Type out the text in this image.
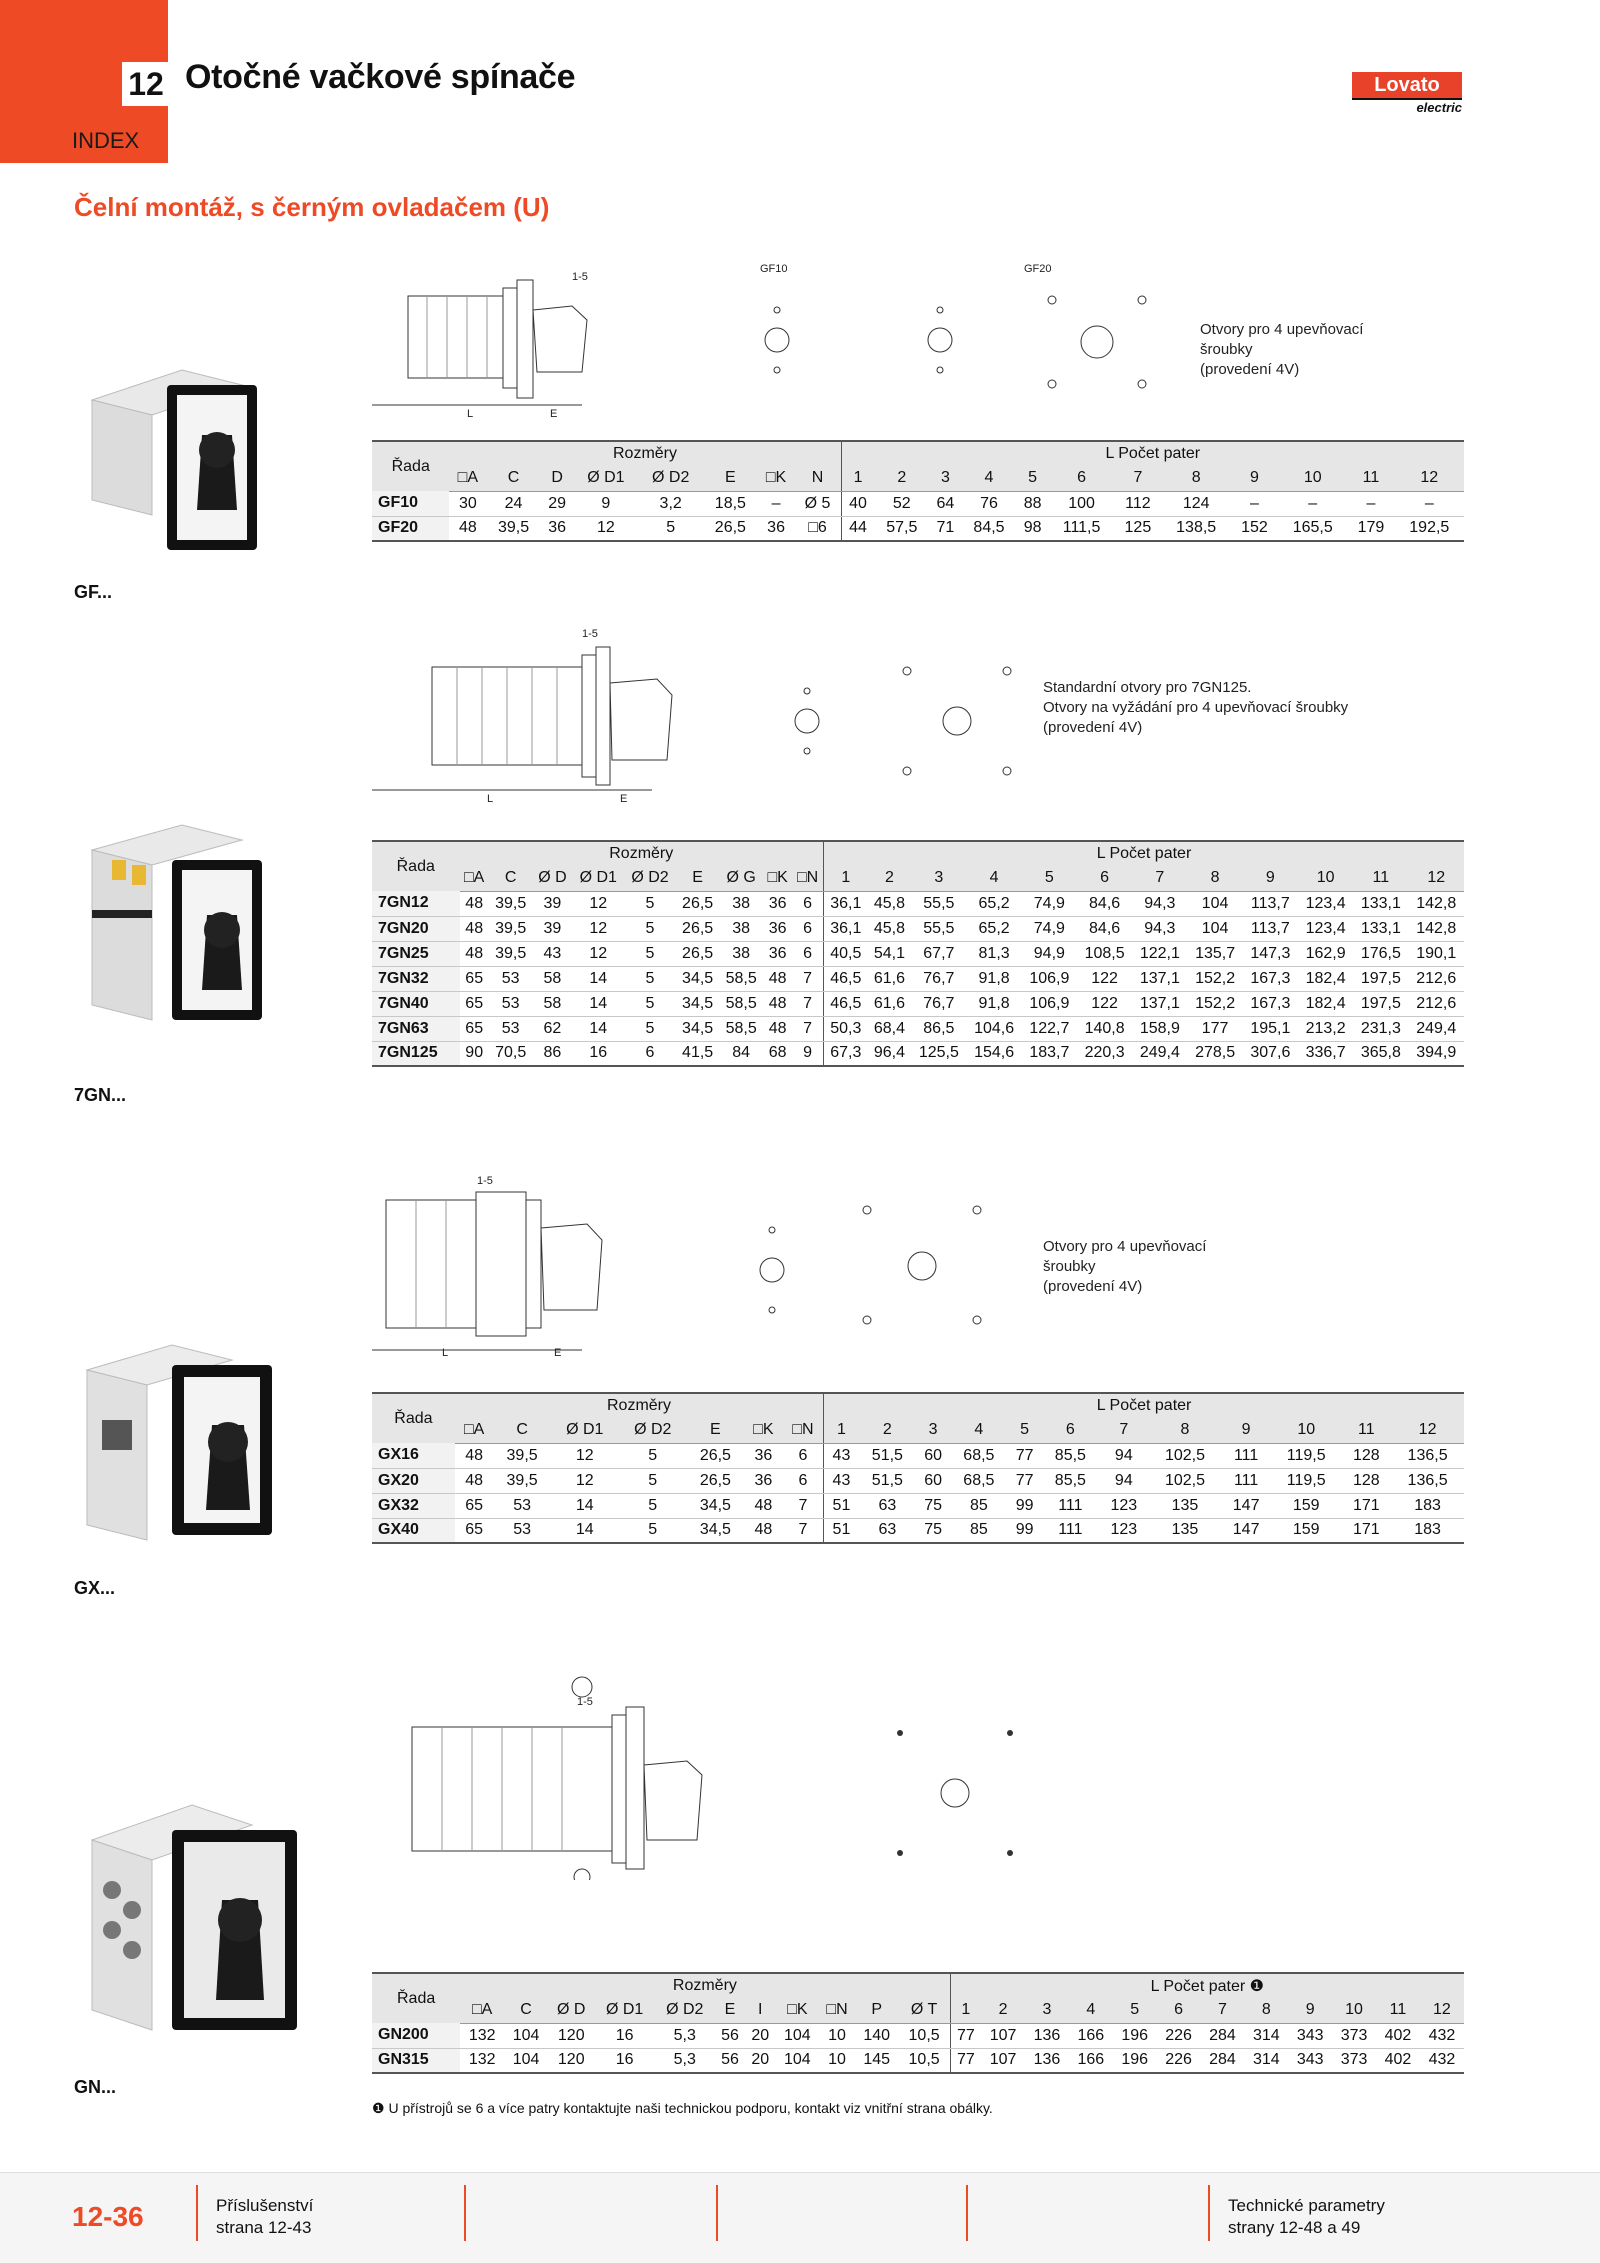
12
INDEX
Otočné vačkové spínače	Lovato
electric
Čelní montáž, s černým ovladačem (U)
GF...
GF10	GF20
1-5
L	E
Otvory pro 4 upevňovací
šroubky
(provedení 4V)
Řada	Rozměry								L Počet pater											
	□A	C	D	Ø D1	Ø D2	E	□K	N	1	2	3	4	5	6	7	8	9	10	11	12
GF10	30	24	29	9	3,2	18,5	–	Ø 5	40	52	64	76	88	100	112	124	–	–	–	–
GF20	48	39,5	36	12	5	26,5	36	□6	44	57,5	71	84,5	98	111,5	125	138,5	152	165,5	179	192,5
7GN...
1-5
L	E
Standardní otvory pro 7GN125.
Otvory na vyžádání pro 4 upevňovací šroubky
(provedení 4V)
Řada	Rozměry									L Počet pater											
	□A	C	Ø D	Ø D1	Ø D2	E	Ø G	□K	□N	1	2	3	4	5	6	7	8	9	10	11	12
7GN12	48	39,5	39	12	5	26,5	38	36	6	36,1	45,8	55,5	65,2	74,9	84,6	94,3	104	113,7	123,4	133,1	142,8
7GN20	48	39,5	39	12	5	26,5	38	36	6	36,1	45,8	55,5	65,2	74,9	84,6	94,3	104	113,7	123,4	133,1	142,8
7GN25	48	39,5	43	12	5	26,5	38	36	6	40,5	54,1	67,7	81,3	94,9	108,5	122,1	135,7	147,3	162,9	176,5	190,1
7GN32	65	53	58	14	5	34,5	58,5	48	7	46,5	61,6	76,7	91,8	106,9	122	137,1	152,2	167,3	182,4	197,5	212,6
7GN40	65	53	58	14	5	34,5	58,5	48	7	46,5	61,6	76,7	91,8	106,9	122	137,1	152,2	167,3	182,4	197,5	212,6
7GN63	65	53	62	14	5	34,5	58,5	48	7	50,3	68,4	86,5	104,6	122,7	140,8	158,9	177	195,1	213,2	231,3	249,4
7GN125	90	70,5	86	16	6	41,5	84	68	9	67,3	96,4	125,5	154,6	183,7	220,3	249,4	278,5	307,6	336,7	365,8	394,9
GX...
1-5
L	E
Otvory pro 4 upevňovací
šroubky
(provedení 4V)
Řada	Rozměry							L Počet pater											
	□A	C	Ø D1	Ø D2	E	□K	□N	1	2	3	4	5	6	7	8	9	10	11	12
GX16	48	39,5	12	5	26,5	36	6	43	51,5	60	68,5	77	85,5	94	102,5	111	119,5	128	136,5
GX20	48	39,5	12	5	26,5	36	6	43	51,5	60	68,5	77	85,5	94	102,5	111	119,5	128	136,5
GX32	65	53	14	5	34,5	48	7	51	63	75	85	99	111	123	135	147	159	171	183
GX40	65	53	14	5	34,5	48	7	51	63	75	85	99	111	123	135	147	159	171	183
GN...
1-5
Řada	Rozměry											L Počet pater ❶											
	□A	C	Ø D	Ø D1	Ø D2	E	I	□K	□N	P	Ø T	1	2	3	4	5	6	7	8	9	10	11	12
GN200	132	104	120	16	5,3	56	20	104	10	140	10,5	77	107	136	166	196	226	284	314	343	373	402	432
GN315	132	104	120	16	5,3	56	20	104	10	145	10,5	77	107	136	166	196	226	284	314	343	373	402	432
❶ U přístrojů se 6 a více patry kontaktujte naši technickou podporu, kontakt viz vnitřní strana obálky.
12-36	Příslušenství
strana 12-43
Technické parametry
strany 12-48 a 49
